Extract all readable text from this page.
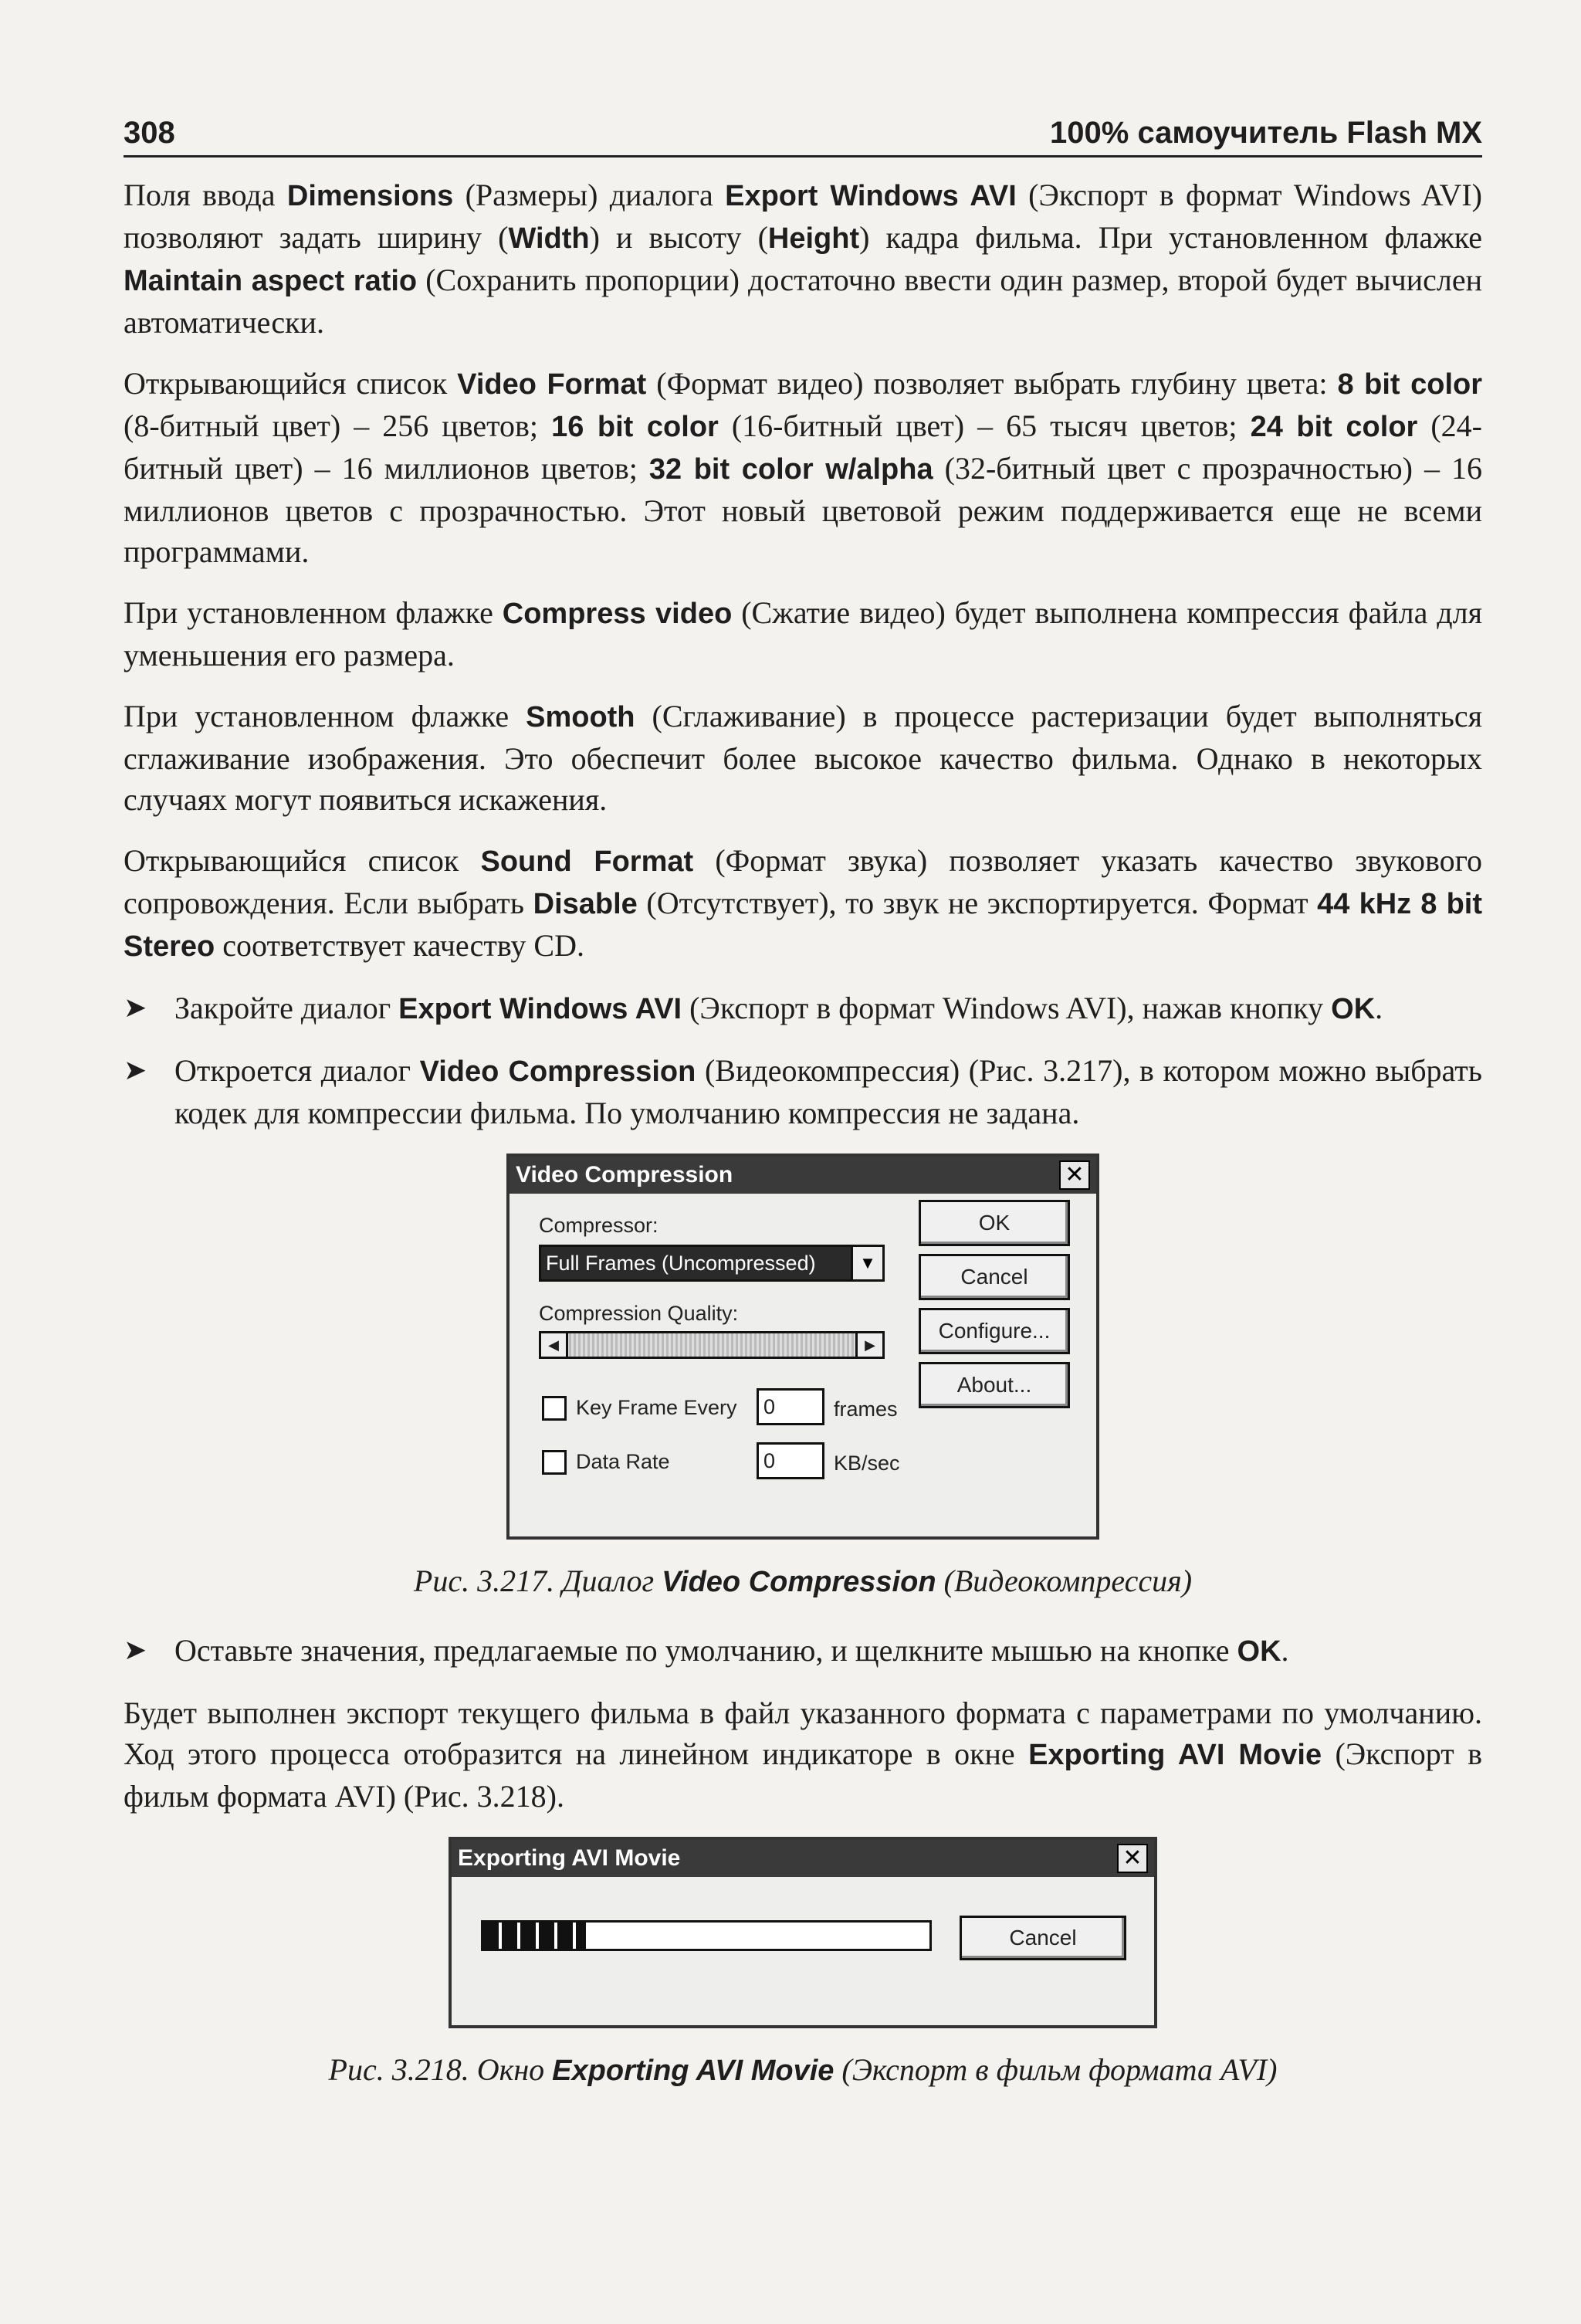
308	100% самоучитель Flash MX

Поля ввода Dimensions (Размеры) диалога Export Windows AVI (Экспорт в формат Windows AVI) позволяют задать ширину (Width) и высоту (Height) кадра фильма. При установленном флажке Maintain aspect ratio (Сохранить пропорции) достаточно ввести один размер, второй будет вычислен автоматически.

Открывающийся список Video Format (Формат видео) позволяет выбрать глубину цвета: 8 bit color (8-битный цвет) – 256 цветов; 16 bit color (16-битный цвет) – 65 тысяч цветов; 24 bit color (24-битный цвет) – 16 миллионов цветов; 32 bit color w/alpha (32-битный цвет с прозрачностью) – 16 миллионов цветов с прозрачностью. Этот новый цветовой режим поддерживается еще не всеми программами.

При установленном флажке Compress video (Сжатие видео) будет выполнена компрессия файла для уменьшения его размера.

При установленном флажке Smooth (Сглаживание) в процессе растеризации будет выполняться сглаживание изображения. Это обеспечит более высокое качество фильма. Однако в некоторых случаях могут появиться искажения.

Открывающийся список Sound Format (Формат звука) позволяет указать качество звукового сопровождения. Если выбрать Disable (Отсутствует), то звук не экспортируется. Формат 44 kHz 8 bit Stereo соответствует качеству CD.

➤ Закройте диалог Export Windows AVI (Экспорт в формат Windows AVI), нажав кнопку OK.
➤ Откроется диалог Video Compression (Видеокомпрессия) (Рис. 3.217), в котором можно выбрать кодек для компрессии фильма. По умолчанию компрессия не задана.
Video Compression	✕
Compressor:
Full Frames (Uncompressed)	▼
Compression Quality:
◀	▶
Key Frame Every	0	frames
Data Rate	0	KB/sec
OK
Cancel
Configure...
About...
Рис. 3.217. Диалог Video Compression (Видеокомпрессия)
➤ Оставьте значения, предлагаемые по умолчанию, и щелкните мышью на кнопке OK.

Будет выполнен экспорт текущего фильма в файл указанного формата с параметрами по умолчанию. Ход этого процесса отобразится на линейном индикаторе в окне Exporting AVI Movie (Экспорт в фильм формата AVI) (Рис. 3.218).

Exporting AVI Movie	✕
Cancel
Рис. 3.218. Окно Exporting AVI Movie (Экспорт в фильм формата AVI)
